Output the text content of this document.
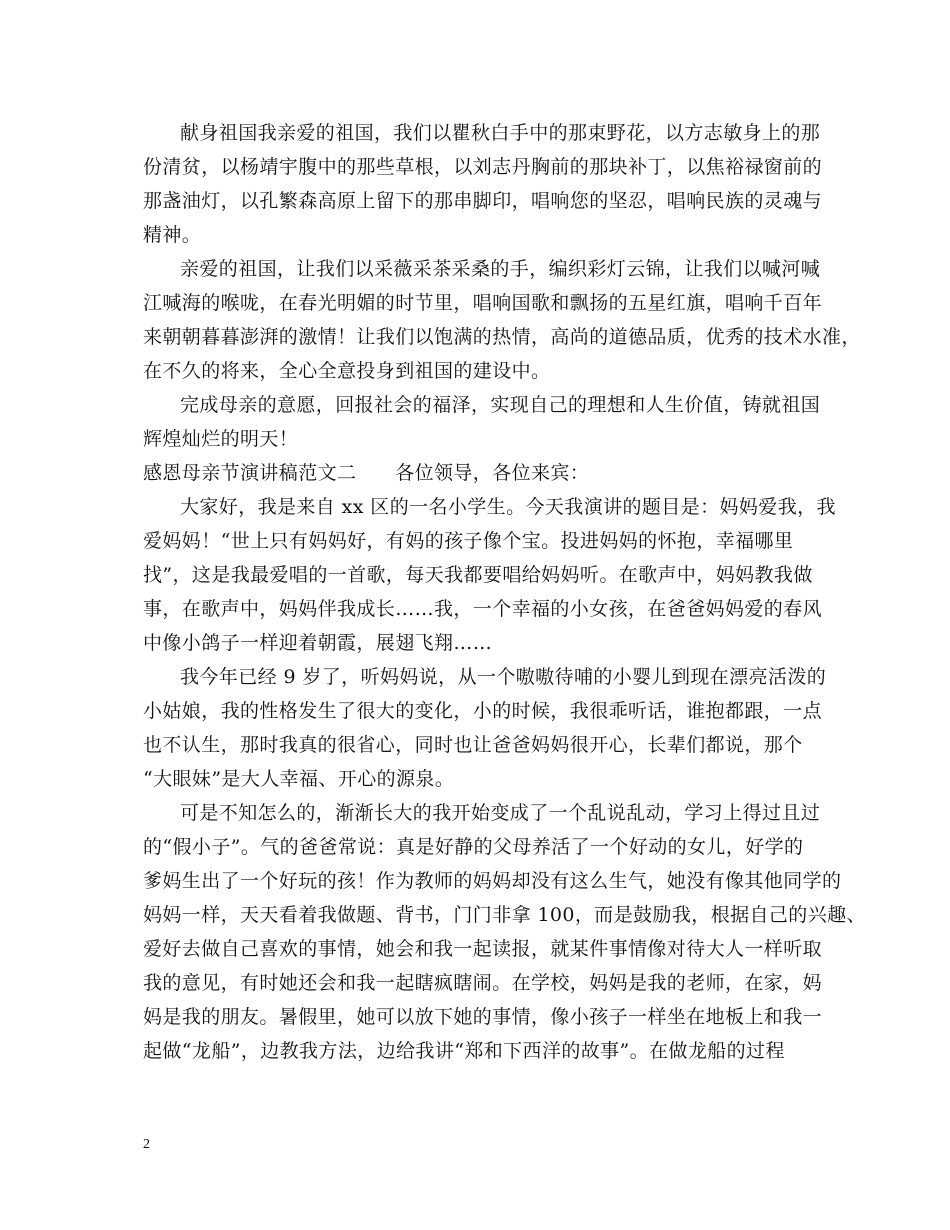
献身祖国我亲爱的祖国，我们以瞿秋白手中的那束野花，以方志敏身上的那
份清贫，以杨靖宇腹中的那些草根，以刘志丹胸前的那块补丁，以焦裕禄窗前的
那盏油灯，以孔繁森高原上留下的那串脚印，唱响您的坚忍，唱响民族的灵魂与
精神。
亲爱的祖国，让我们以采薇采茶采桑的手，编织彩灯云锦，让我们以喊河喊
江喊海的喉咙，在春光明媚的时节里，唱响国歌和飘扬的五星红旗，唱响千百年
来朝朝暮暮澎湃的激情！让我们以饱满的热情，高尚的道德品质，优秀的技术水准，
在不久的将来，全心全意投身到祖国的建设中。
完成母亲的意愿，回报社会的福泽，实现自己的理想和人生价值，铸就祖国
辉煌灿烂的明天！
感恩母亲节演讲稿范文二　　各位领导，各位来宾：
大家好，我是来自 xx 区的一名小学生。今天我演讲的题目是：妈妈爱我，我
爱妈妈！“世上只有妈妈好，有妈的孩子像个宝。投进妈妈的怀抱，幸福哪里
找”，这是我最爱唱的一首歌，每天我都要唱给妈妈听。在歌声中，妈妈教我做
事，在歌声中，妈妈伴我成长……我，一个幸福的小女孩，在爸爸妈妈爱的春风
中像小鸽子一样迎着朝霞，展翅飞翔……
我今年已经 9 岁了，听妈妈说，从一个嗷嗷待哺的小婴儿到现在漂亮活泼的
小姑娘，我的性格发生了很大的变化，小的时候，我很乖听话，谁抱都跟，一点
也不认生，那时我真的很省心，同时也让爸爸妈妈很开心，长辈们都说，那个
“大眼妹”是大人幸福、开心的源泉。
可是不知怎么的，渐渐长大的我开始变成了一个乱说乱动，学习上得过且过
的“假小子”。气的爸爸常说：真是好静的父母养活了一个好动的女儿，好学的
爹妈生出了一个好玩的孩！作为教师的妈妈却没有这么生气，她没有像其他同学的
妈妈一样，天天看着我做题、背书，门门非拿 100，而是鼓励我，根据自己的兴趣、
爱好去做自己喜欢的事情，她会和我一起读报，就某件事情像对待大人一样听取
我的意见，有时她还会和我一起瞎疯瞎闹。在学校，妈妈是我的老师，在家，妈
妈是我的朋友。暑假里，她可以放下她的事情，像小孩子一样坐在地板上和我一
起做“龙船”，边教我方法，边给我讲“郑和下西洋的故事”。在做龙船的过程
2
